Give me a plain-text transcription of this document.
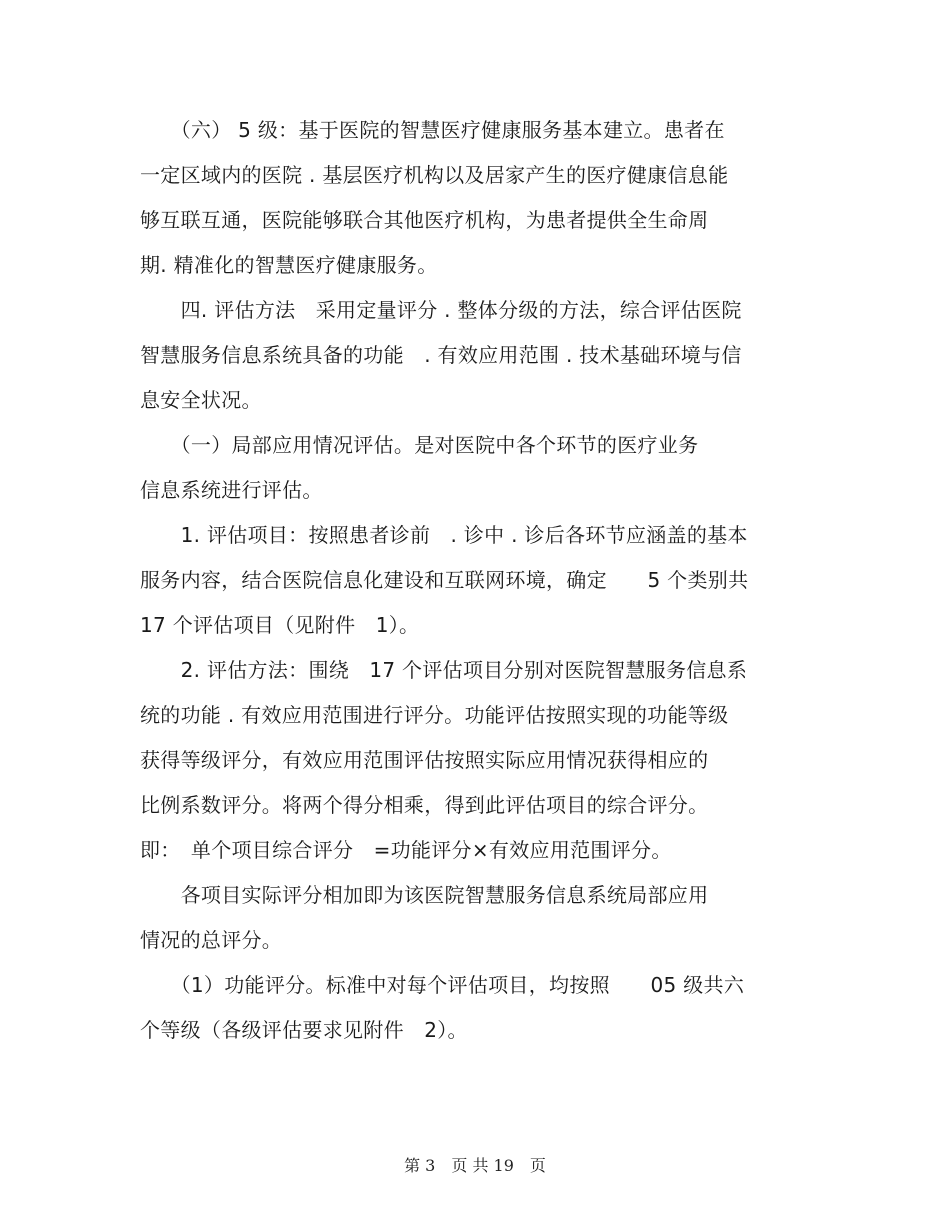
　　（六） 5 级：基于医院的智慧医疗健康服务基本建立。患者在
一定区域内的医院 . 基层医疗机构以及居家产生的医疗健康信息能
够互联互通，医院能够联合其他医疗机构，为患者提供全生命周
期. 精准化的智慧医疗健康服务。
　　四. 评估方法　采用定量评分 . 整体分级的方法，综合评估医院
智慧服务信息系统具备的功能　. 有效应用范围 . 技术基础环境与信
息安全状况。
　　（一）局部应用情况评估。是对医院中各个环节的医疗业务
信息系统进行评估。
　　1. 评估项目：按照患者诊前　. 诊中 . 诊后各环节应涵盖的基本
服务内容，结合医院信息化建设和互联网环境，确定　　5 个类别共
17 个评估项目（见附件　1）。
　　2. 评估方法：围绕　17 个评估项目分别对医院智慧服务信息系
统的功能 . 有效应用范围进行评分。功能评估按照实现的功能等级
获得等级评分，有效应用范围评估按照实际应用情况获得相应的
比例系数评分。将两个得分相乘，得到此评估项目的综合评分。
即：　单个项目综合评分　=功能评分×有效应用范围评分。
　　各项目实际评分相加即为该医院智慧服务信息系统局部应用
情况的总评分。
　　（1）功能评分。标准中对每个评估项目，均按照　　05 级共六
个等级（各级评估要求见附件　2）。
第 3　页 共 19　页
